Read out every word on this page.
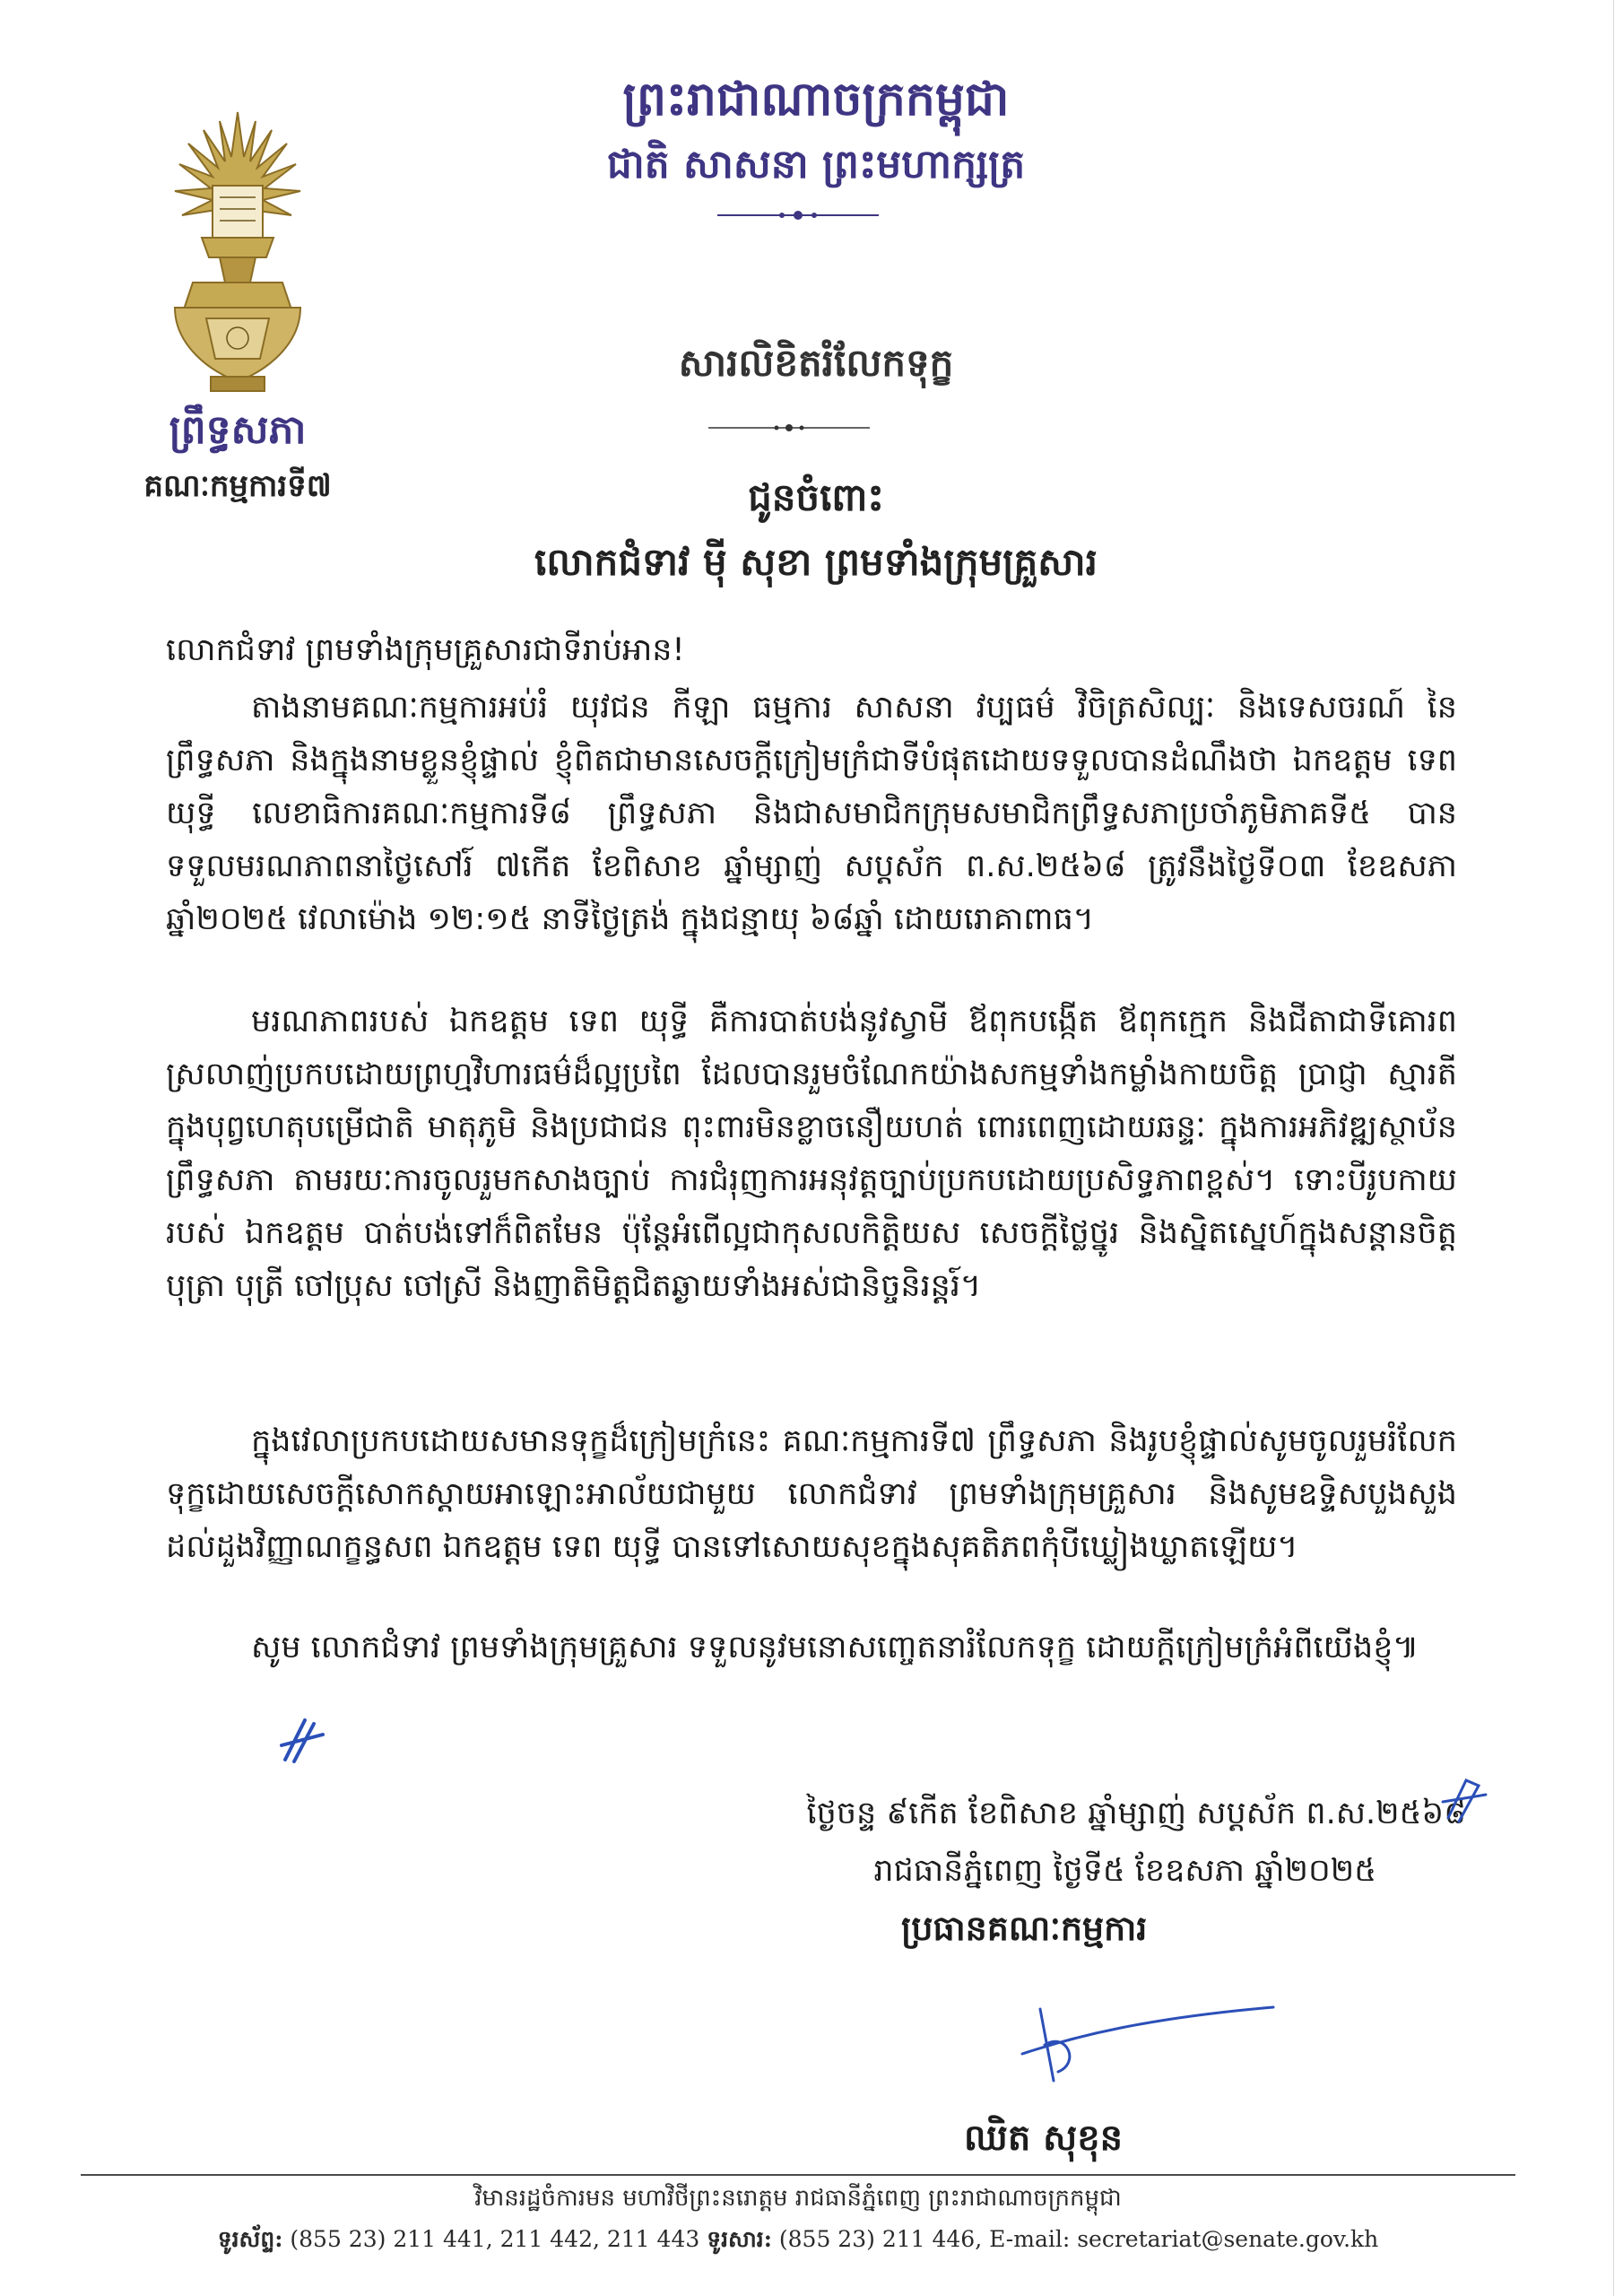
ព្រឹទ្ធសភា
គណៈកម្មការទី៧
ព្រះរាជាណាចក្រកម្ពុជា
ជាតិ សាសនា ព្រះមហាក្សត្រ
សារលិខិតរំលែកទុក្ខ
ជូនចំពោះ
លោកជំទាវ ម៉ី សុខា ព្រមទាំងក្រុមគ្រួសារ
លោកជំទាវ ព្រមទាំងក្រុមគ្រួសារជាទីរាប់អាន!

តាងនាមគណៈកម្មការអប់រំ យុវជន កីឡា ធម្មការ សាសនា វប្បធម៌ វិចិត្រសិល្បៈ និងទេសចរណ៍ នៃព្រឹទ្ធសភា និងក្នុងនាមខ្លួនខ្ញុំផ្ទាល់ ខ្ញុំពិតជាមានសេចក្តីក្រៀមក្រំជាទីបំផុតដោយទទួលបានដំណឹងថា ឯកឧត្តម ទេព យុទ្ធី លេខាធិការគណៈកម្មការទី៨ ព្រឹទ្ធសភា និងជាសមាជិកក្រុមសមាជិកព្រឹទ្ធសភាប្រចាំភូមិភាគទី៥ បានទទួលមរណភាពនាថ្ងៃសៅរ៍ ៧កើត ខែពិសាខ ឆ្នាំម្សាញ់ សប្តស័ក ព.ស.២៥៦៨ ត្រូវនឹងថ្ងៃទី០៣ ខែឧសភា ឆ្នាំ២០២៥ វេលាម៉ោង ១២:១៥ នាទីថ្ងៃត្រង់ ក្នុងជន្មាយុ ៦៨ឆ្នាំ ដោយរោគាពាធ។

មរណភាពរបស់ ឯកឧត្តម ទេព យុទ្ធី គឺការបាត់បង់នូវស្វាមី ឪពុកបង្កើត ឪពុកក្មេក និងជីតាជាទីគោរពស្រលាញ់ប្រកបដោយព្រហ្មវិហារធម៌ដ៏ល្អប្រពៃ ដែលបានរួមចំណែកយ៉ាងសកម្មទាំងកម្លាំងកាយចិត្ត ប្រាជ្ញា ស្មារតី ក្នុងបុព្វហេតុបម្រើជាតិ មាតុភូមិ និងប្រជាជន ពុះពារមិនខ្លាចនឿយហត់ ពោរពេញដោយឆន្ទៈ ក្នុងការអភិវឌ្ឍស្ថាប័នព្រឹទ្ធសភា តាមរយៈការចូលរួមកសាងច្បាប់ ការជំរុញការអនុវត្តច្បាប់ប្រកបដោយប្រសិទ្ធភាពខ្ពស់។ ទោះបីរូបកាយរបស់ ឯកឧត្តម បាត់បង់ទៅក៏ពិតមែន ប៉ុន្តែអំពើល្អជាកុសលកិត្តិយស សេចក្តីថ្លៃថ្នូរ និងស្និតស្នេហ៍ក្នុងសន្តានចិត្តបុត្រា បុត្រី ចៅប្រុស ចៅស្រី និងញាតិមិត្តជិតឆ្ងាយទាំងអស់ជានិច្ចនិរន្តរ៍។

ក្នុងវេលាប្រកបដោយសមានទុក្ខដ៏ក្រៀមក្រំនេះ គណៈកម្មការទី៧ ព្រឹទ្ធសភា និងរូបខ្ញុំផ្ទាល់សូមចូលរួមរំលែកទុក្ខដោយសេចក្តីសោកស្តាយអាឡោះអាល័យជាមួយ លោកជំទាវ ព្រមទាំងក្រុមគ្រួសារ និងសូមឧទ្ទិសបួងសួងដល់ដួងវិញ្ញាណក្ខន្ធសព ឯកឧត្តម ទេព យុទ្ធី បានទៅសោយសុខក្នុងសុគតិភពកុំបីឃ្លៀងឃ្លាតឡើយ។

សូម លោកជំទាវ ព្រមទាំងក្រុមគ្រួសារ ទទួលនូវមនោសញ្ចេតនារំលែកទុក្ខ ដោយក្តីក្រៀមក្រំអំពីយើងខ្ញុំ៕

ថ្ងៃចន្ទ ៩កើត ខែពិសាខ ឆ្នាំម្សាញ់ សប្តស័ក ព.ស.២៥៦៨
រាជធានីភ្នំពេញ ថ្ងៃទី៥ ខែឧសភា ឆ្នាំ២០២៥
ប្រធានគណៈកម្មការ
ឈិត សុខុន
វិមានរដ្ឋចំការមន មហាវិថីព្រះនរោត្តម រាជធានីភ្នំពេញ ព្រះរាជាណាចក្រកម្ពុជា
ទូរស័ព្ទ: (855 23) 211 441, 211 442, 211 443 ទូរសារ: (855 23) 211 446, E-mail: secretariat@senate.gov.kh
